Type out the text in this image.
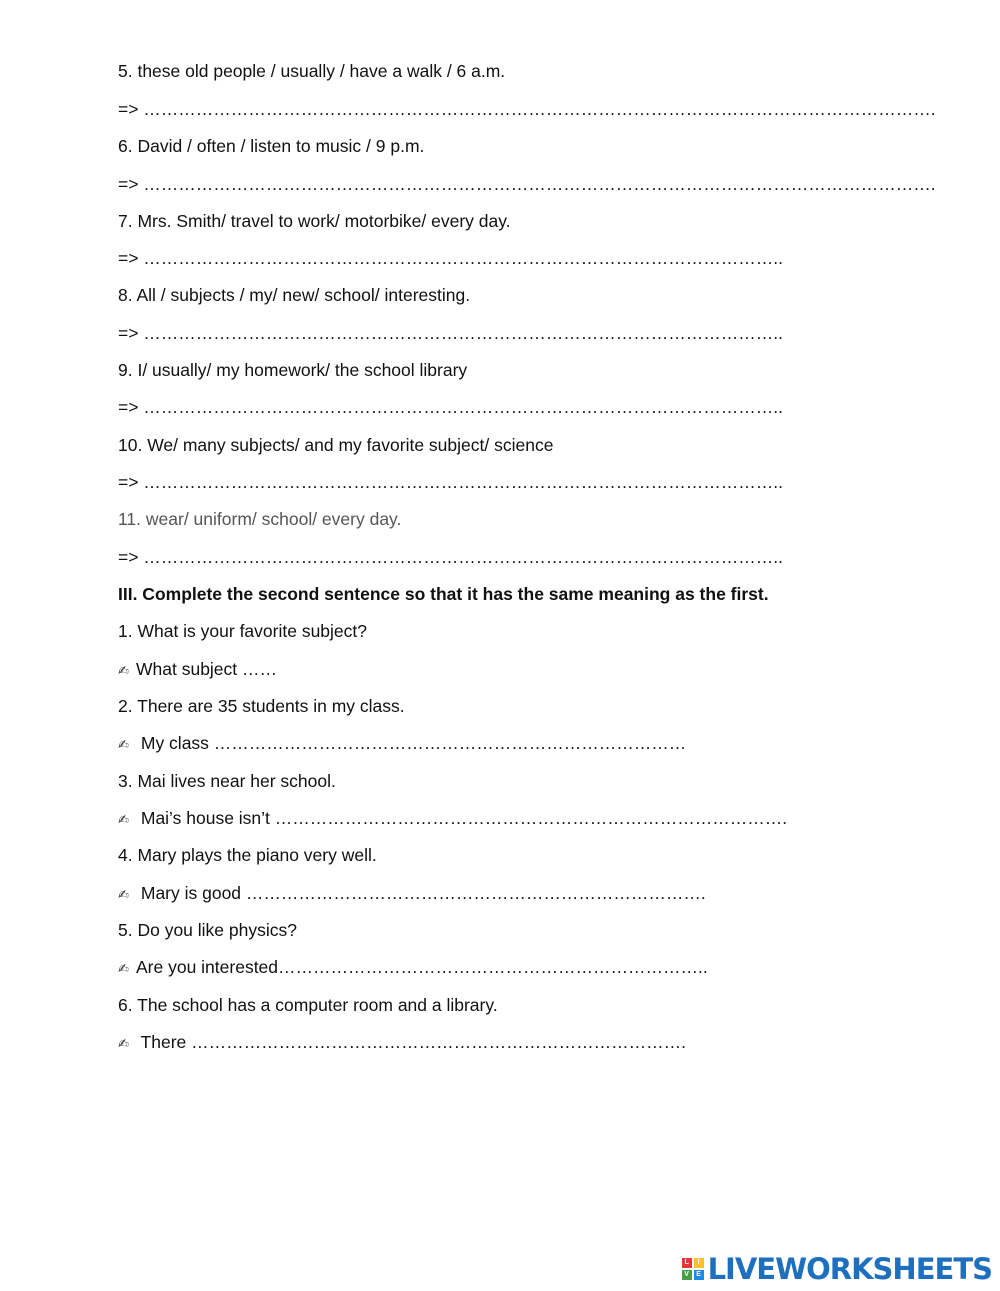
5. these old people / usually / have a walk / 6 a.m.
=> ……………………………………………………………………………………………………………………….
6. David / often / listen to music / 9 p.m.
=> ……………………………………………………………………………………………………………………….
7. Mrs. Smith/ travel to work/ motorbike/ every day.
=> ………………………………………………………………………………………………..
8. All / subjects / my/ new/ school/ interesting.
=> ………………………………………………………………………………………………..
9. I/ usually/ my homework/ the school library
=> ………………………………………………………………………………………………..
10. We/ many subjects/ and my favorite subject/ science
=> ………………………………………………………………………………………………..
11. wear/ uniform/ school/ every day.
=> ………………………………………………………………………………………………..
III. Complete the second sentence so that it has the same meaning as the first.
1. What is your favorite subject?
✍ What subject ……
2. There are 35 students in my class.
✍ My class ………………………………………………………………………
3. Mai lives near her school.
✍ Mai’s house isn’t …………………………………………………………………………….
4. Mary plays the piano very well.
✍ Mary is good …………………………………………………………………….
5. Do you like physics?
✍ Are you interested………………………………………………………………..
6. The school has a computer room and a library.
✍ There ………………………………………………………………………….
L	I
V	E LIVEWORKSHEETS
